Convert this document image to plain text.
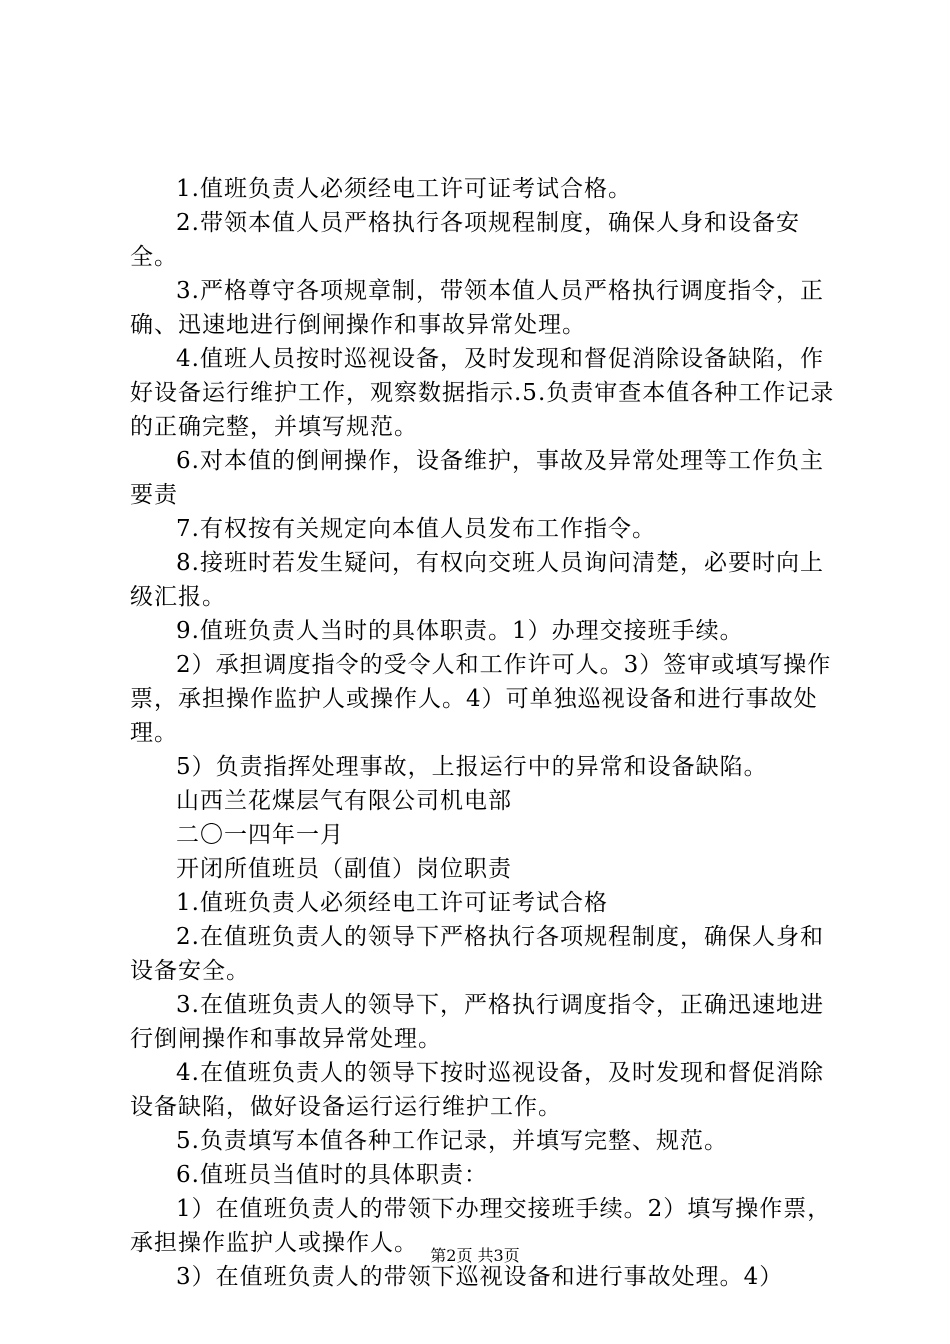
1.值班负责人必须经电工许可证考试合格。

2.带领本值人员严格执行各项规程制度，确保人身和设备安全。

3.严格尊守各项规章制，带领本值人员严格执行调度指令，正确、迅速地进行倒闸操作和事故异常处理。

4.值班人员按时巡视设备，及时发现和督促消除设备缺陷，作好设备运行维护工作，观察数据指示.5.负责审查本值各种工作记录的正确完整，并填写规范。

6.对本值的倒闸操作，设备维护，事故及异常处理等工作负主要责

7.有权按有关规定向本值人员发布工作指令。

8.接班时若发生疑问，有权向交班人员询问清楚，必要时向上级汇报。

9.值班负责人当时的具体职责。1）办理交接班手续。

2）承担调度指令的受令人和工作许可人。3）签审或填写操作票，承担操作监护人或操作人。4）可单独巡视设备和进行事故处理。

5）负责指挥处理事故，上报运行中的异常和设备缺陷。

山西兰花煤层气有限公司机电部

二〇一四年一月

开闭所值班员（副值）岗位职责

1.值班负责人必须经电工许可证考试合格

2.在值班负责人的领导下严格执行各项规程制度，确保人身和设备安全。

3.在值班负责人的领导下，严格执行调度指令，正确迅速地进行倒闸操作和事故异常处理。

4.在值班负责人的领导下按时巡视设备，及时发现和督促消除设备缺陷，做好设备运行运行维护工作。

5.负责填写本值各种工作记录，并填写完整、规范。

6.值班员当值时的具体职责：

1）在值班负责人的带领下办理交接班手续。2）填写操作票，承担操作监护人或操作人。

3）在值班负责人的带领下巡视设备和进行事故处理。4）

第2页 共3页
